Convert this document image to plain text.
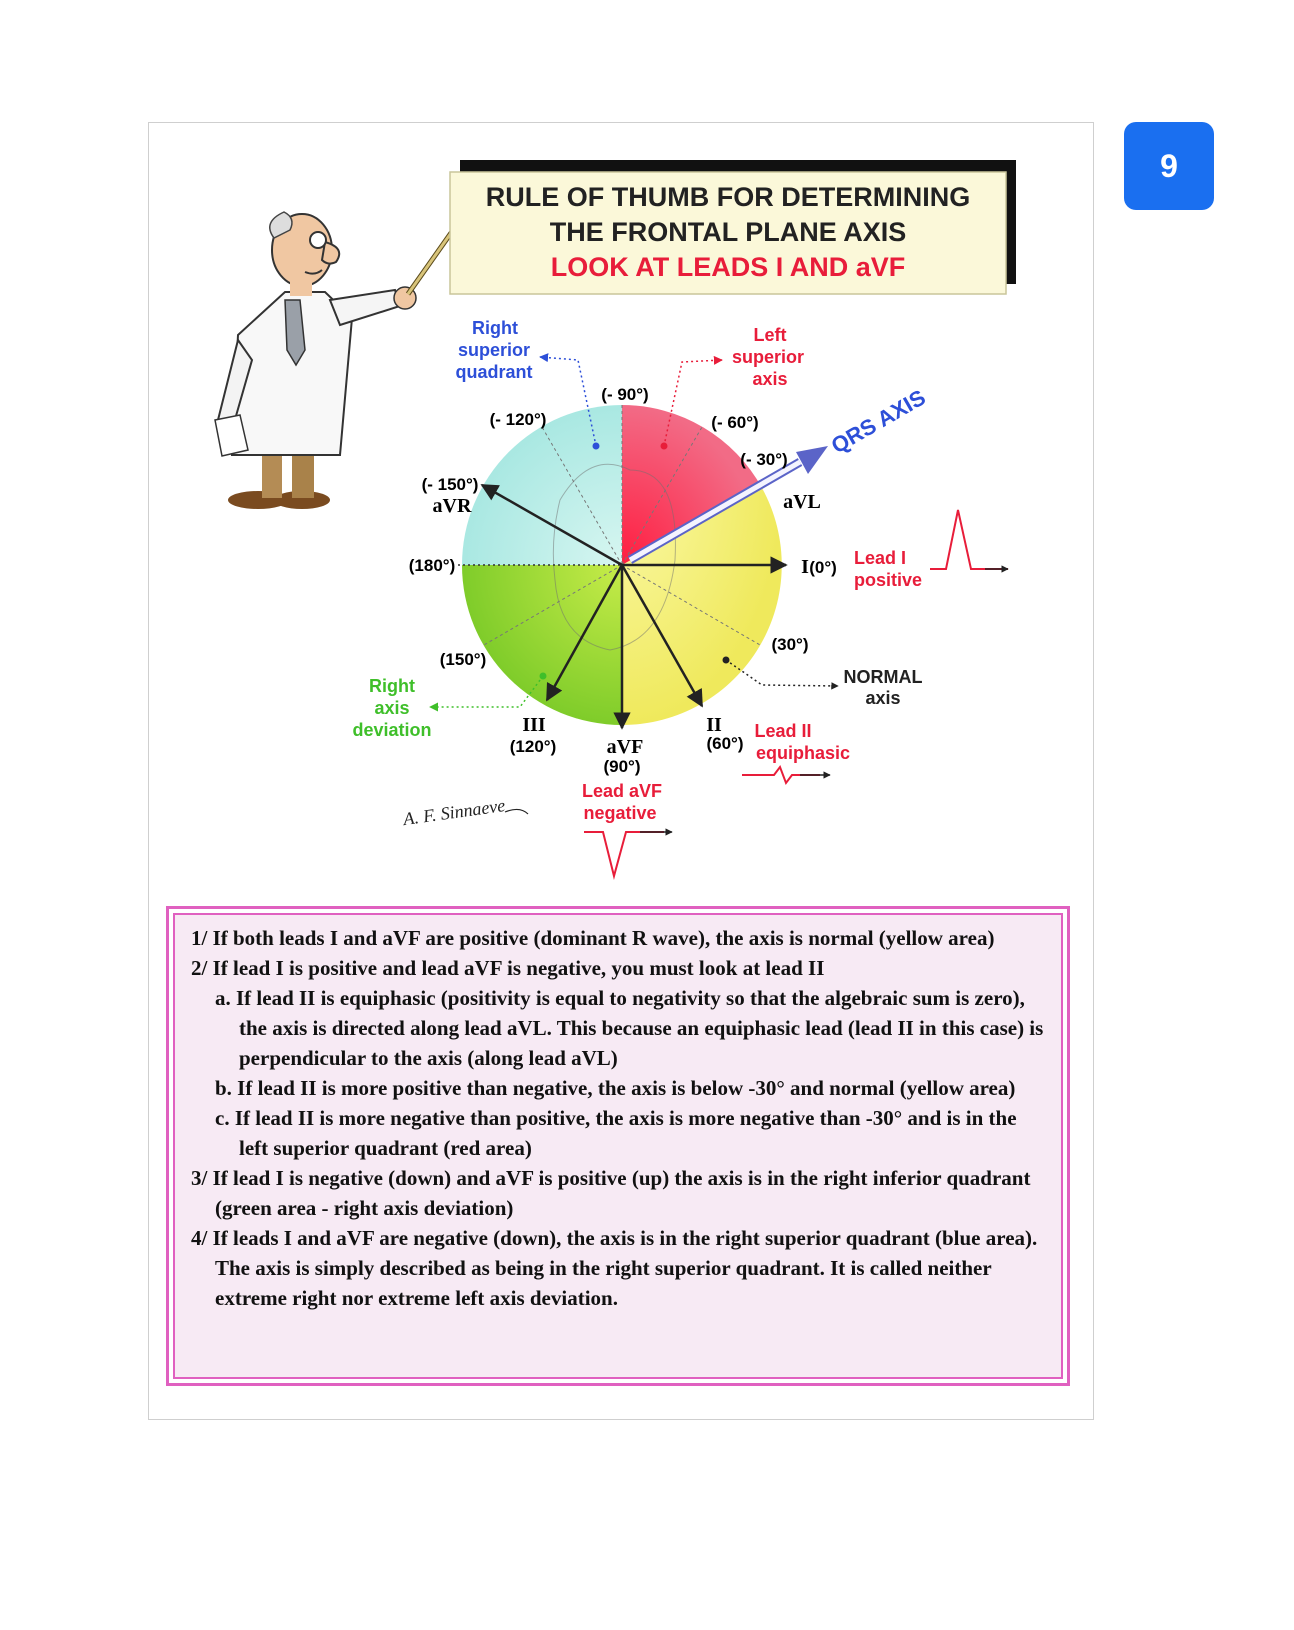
9
RULE OF THUMB FOR DETERMINING
THE FRONTAL PLANE AXIS
LOOK AT LEADS I AND aVF
(- 90°)
(- 120°)	(- 60°)
(- 30°)
(- 150°)
(180°)
(30°)
(150°)
(120°)
(90°)
(60°)
(0°)
aVR	aVL
I
III
aVF
II
QRS AXIS
Right
superior
quadrant
Left
superior
axis
Lead I
positive
NORMAL
axis
Right
axis
deviation	Lead II
equiphasic
Lead aVF
negative
A. F. Sinnaeve

1/ If both leads I and aVF are positive (dominant R wave), the axis is normal (yellow area)

2/ If lead I is positive and lead aVF is negative, you must look at lead II

a. If lead II is equiphasic (positivity is equal to negativity so that the algebraic sum is zero), the axis is directed along lead aVL. This because an equiphasic lead (lead II in this case) is perpendicular to the axis (along lead aVL)

b. If lead II is more positive than negative, the axis is below -30° and normal (yellow area)

c. If lead II is more negative than positive, the axis is more negative than -30° and is in the left superior quadrant (red area)

3/ If lead I is negative (down) and aVF is positive (up) the axis is in the right inferior quadrant (green area - right axis deviation)

4/ If leads I and aVF are negative (down), the axis is in the right superior quadrant (blue area). The axis is simply described as being in the right superior quadrant. It is called neither extreme right nor extreme left axis deviation.
